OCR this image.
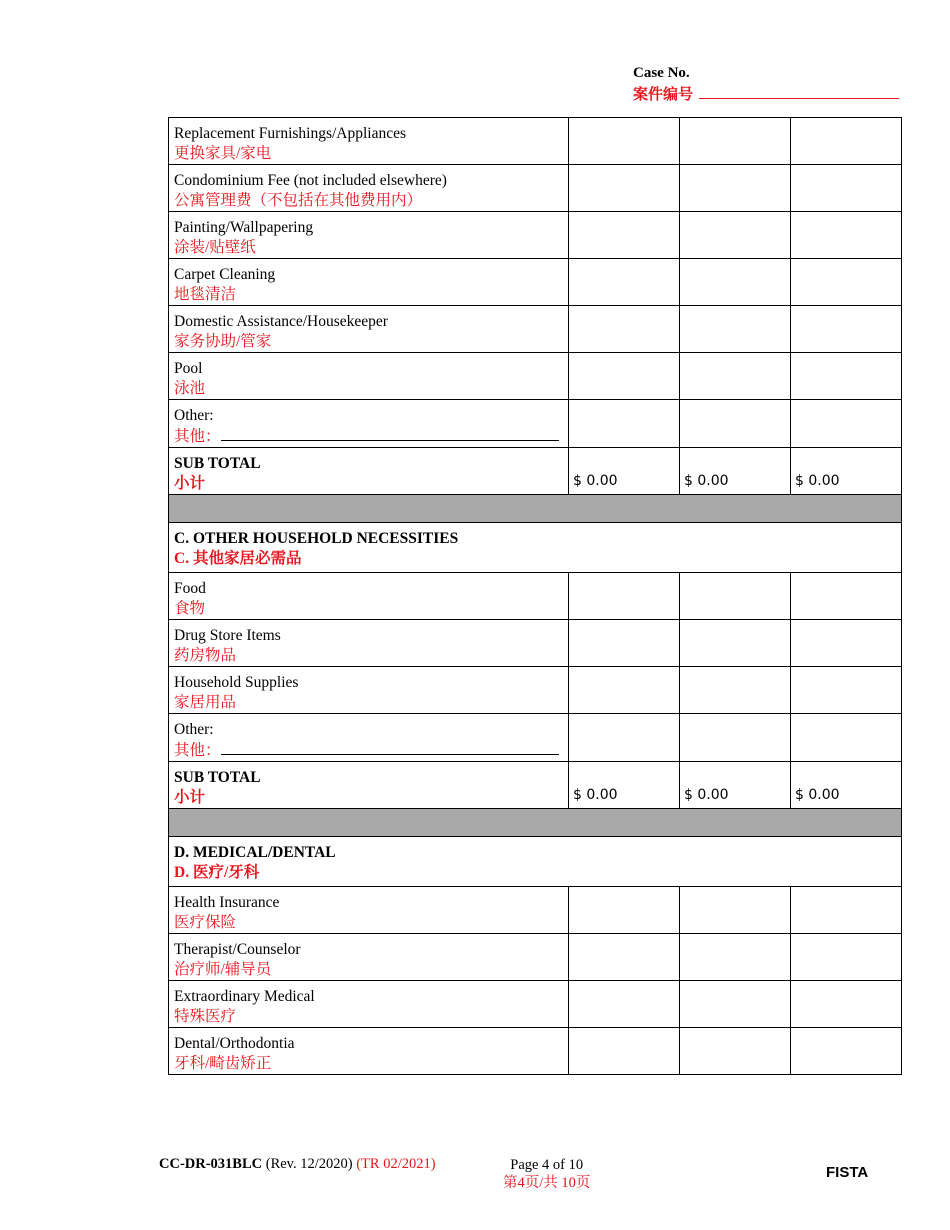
Case No.
案件编号
Replacement Furnishings/Appliances
更换家具/家电			

Condominium Fee (not included elsewhere)
公寓管理费（不包括在其他费用内）			

Painting/Wallpapering
涂装/贴壁纸			

Carpet Cleaning
地毯清洁			

Domestic Assistance/Housekeeper
家务协助/管家			

Pool
泳池			

Other:
其他：			

SUB TOTAL
小计	$ 0.00	$ 0.00	$ 0.00

C. OTHER HOUSEHOLD NECESSITIES
C. 其他家居必需品			

Food
食物			

Drug Store Items
药房物品			

Household Supplies
家居用品			

Other:
其他：			

SUB TOTAL
小计	$ 0.00	$ 0.00	$ 0.00

D. MEDICAL/DENTAL
D. 医疗/牙科			

Health Insurance
医疗保险			

Therapist/Counselor
治疗师/辅导员			

Extraordinary Medical
特殊医疗			

Dental/Orthodontia
牙科/畸齿矫正			

CC-DR-031BLC (Rev. 12/2020) (TR 02/2021)	Page 4 of 10
第4页/共 10页
FISTA
